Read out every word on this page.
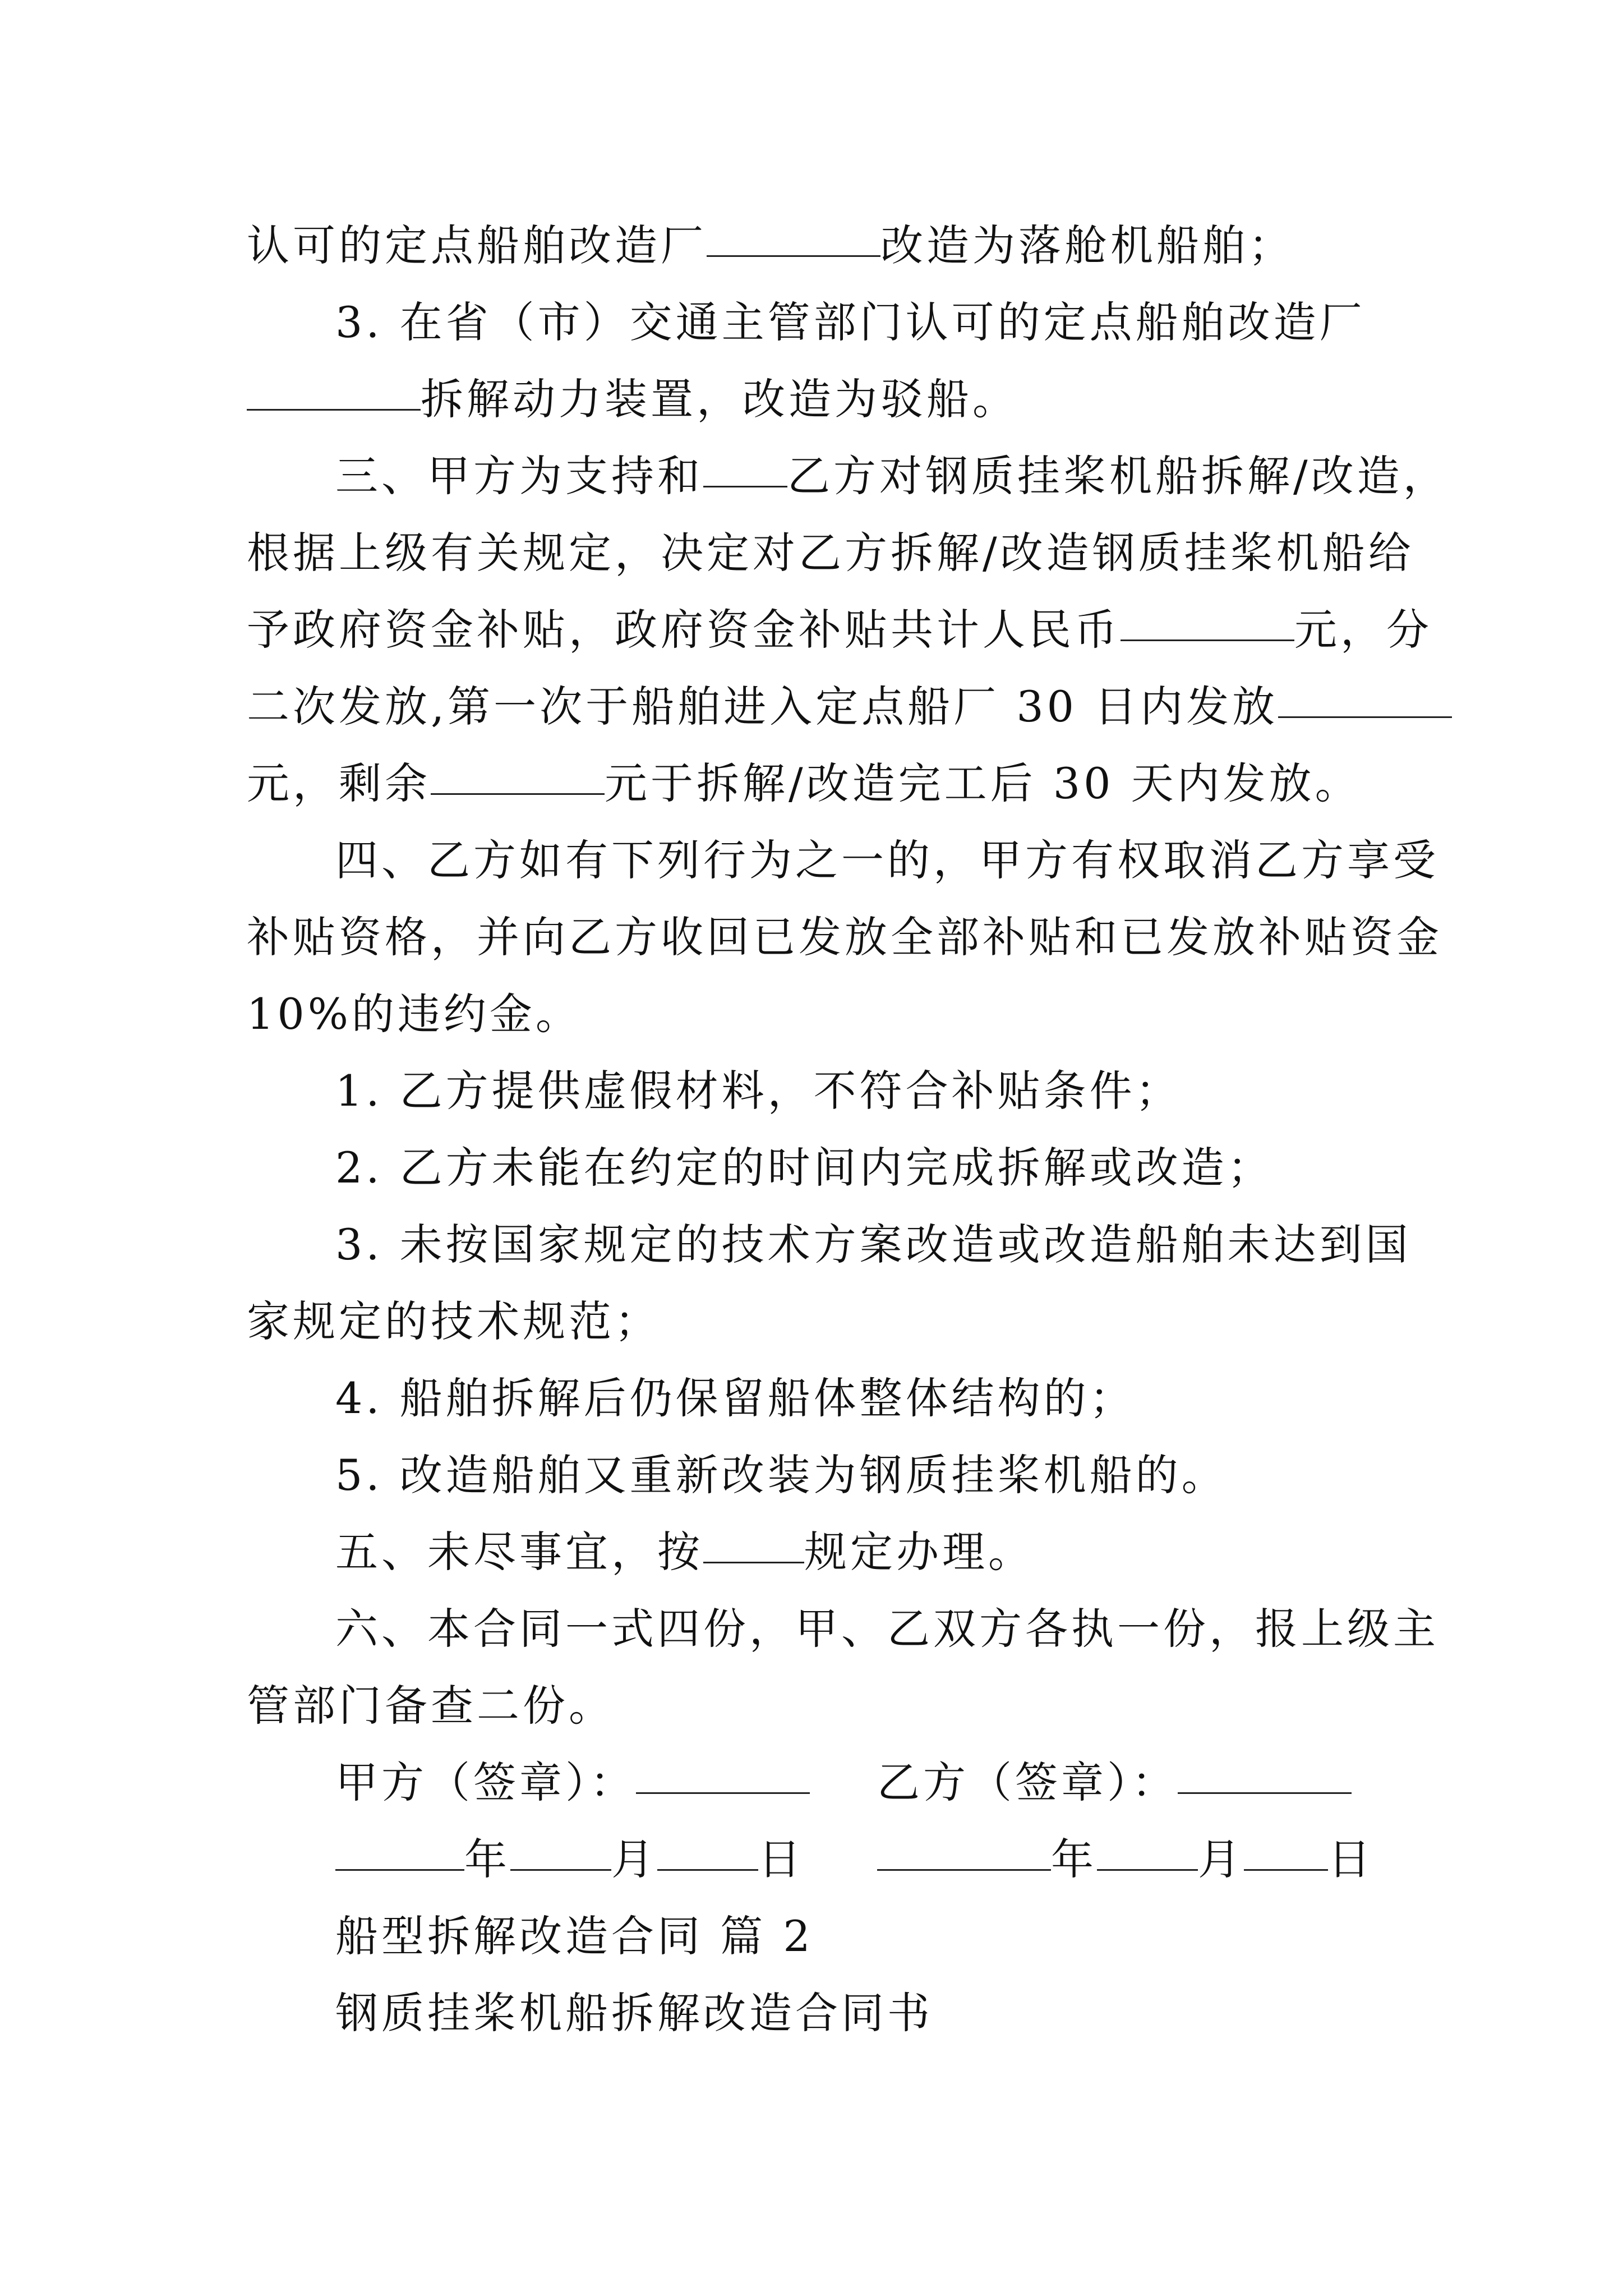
认可的定点船舶改造厂	改造为落舱机船舶；
3. 在省（市）交通主管部门认可的定点船舶改造厂
拆解动力装置，改造为驳船。
三、甲方为支持和 乙方对钢质挂桨机船拆解/改造，
根据上级有关规定，决定对乙方拆解/改造钢质挂桨机船给
予政府资金补贴，政府资金补贴共计人民币	元，分
二次发放,第一次于船舶进入定点船厂 30 日内发放
元，剩余	元于拆解/改造完工后 30 天内发放。
四、乙方如有下列行为之一的，甲方有权取消乙方享受
补贴资格，并向乙方收回已发放全部补贴和已发放补贴资金
10%的违约金。
1. 乙方提供虚假材料，不符合补贴条件；
2. 乙方未能在约定的时间内完成拆解或改造；
3. 未按国家规定的技术方案改造或改造船舶未达到国
家规定的技术规范；
4. 船舶拆解后仍保留船体整体结构的；
5. 改造船舶又重新改装为钢质挂桨机船的。
五、未尽事宜，按 规定办理。
六、本合同一式四份，甲、乙双方各执一份，报上级主
管部门备查二份。
甲方（签章）：	乙方（签章）：
年 月 日	年 月 日
船型拆解改造合同 篇 2
钢质挂桨机船拆解改造合同书
